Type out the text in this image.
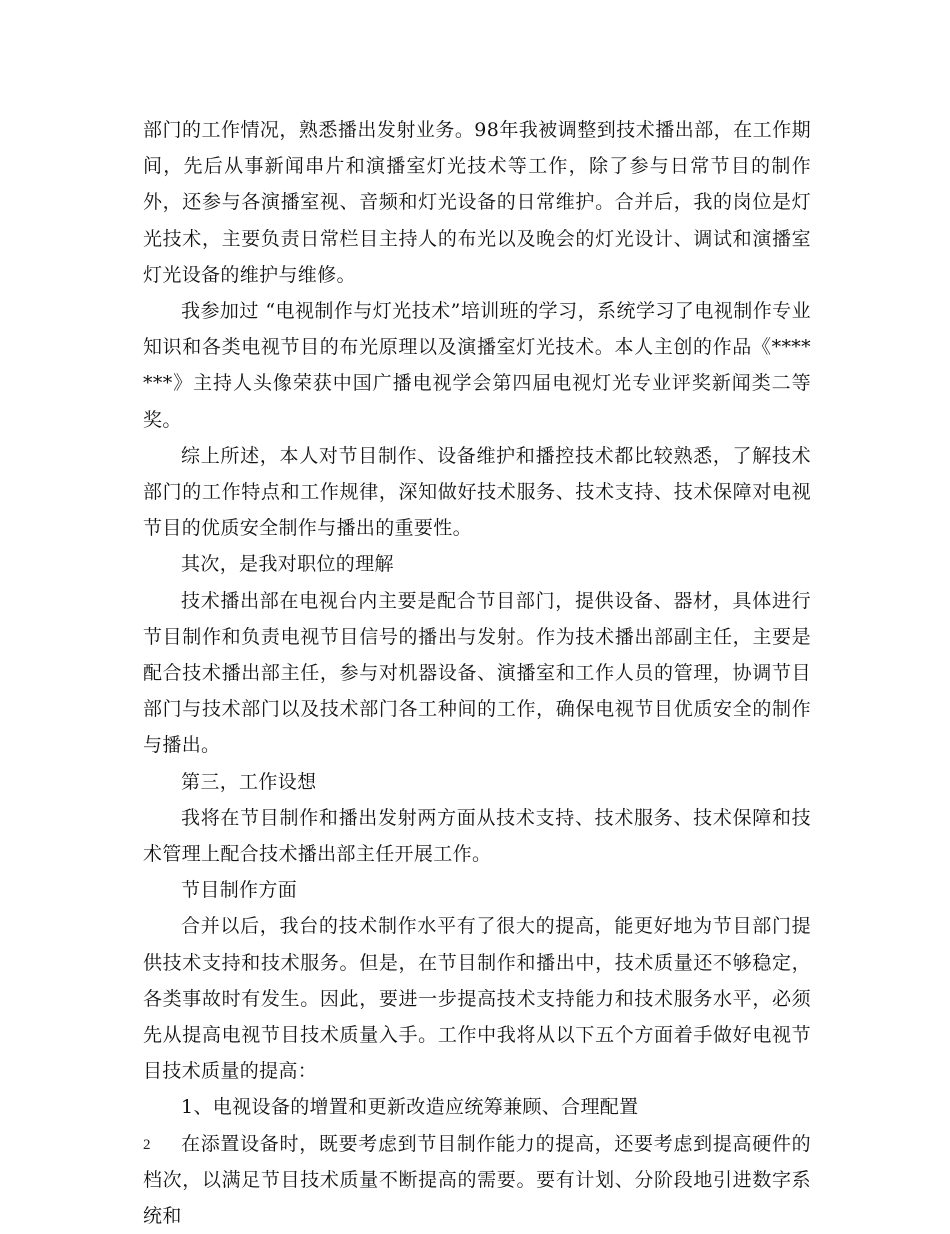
部门的工作情况，熟悉播出发射业务。98年我被调整到技术播出部，在工作期间，先后从事新闻串片和演播室灯光技术等工作，除了参与日常节目的制作外，还参与各演播室视、音频和灯光设备的日常维护。合并后，我的岗位是灯光技术，主要负责日常栏目主持人的布光以及晚会的灯光设计、调试和演播室灯光设备的维护与维修。

我参加过 “电视制作与灯光技术”培训班的学习，系统学习了电视制作专业知识和各类电视节目的布光原理以及演播室灯光技术。本人主创的作品《*******》主持人头像荣获中国广播电视学会第四届电视灯光专业评奖新闻类二等奖。

综上所述，本人对节目制作、设备维护和播控技术都比较熟悉，了解技术部门的工作特点和工作规律，深知做好技术服务、技术支持、技术保障对电视节目的优质安全制作与播出的重要性。

其次，是我对职位的理解

技术播出部在电视台内主要是配合节目部门，提供设备、器材，具体进行节目制作和负责电视节目信号的播出与发射。作为技术播出部副主任，主要是配合技术播出部主任，参与对机器设备、演播室和工作人员的管理，协调节目部门与技术部门以及技术部门各工种间的工作，确保电视节目优质安全的制作与播出。

第三，工作设想

我将在节目制作和播出发射两方面从技术支持、技术服务、技术保障和技术管理上配合技术播出部主任开展工作。

节目制作方面

合并以后，我台的技术制作水平有了很大的提高，能更好地为节目部门提供技术支持和技术服务。但是，在节目制作和播出中，技术质量还不够稳定，各类事故时有发生。因此，要进一步提高技术支持能力和技术服务水平，必须先从提高电视节目技术质量入手。工作中我将从以下五个方面着手做好电视节目技术质量的提高：

1、电视设备的增置和更新改造应统筹兼顾、合理配置

在添置设备时，既要考虑到节目制作能力的提高，还要考虑到提高硬件的档次，以满足节目技术质量不断提高的需要。要有计划、分阶段地引进数字系统和

2
